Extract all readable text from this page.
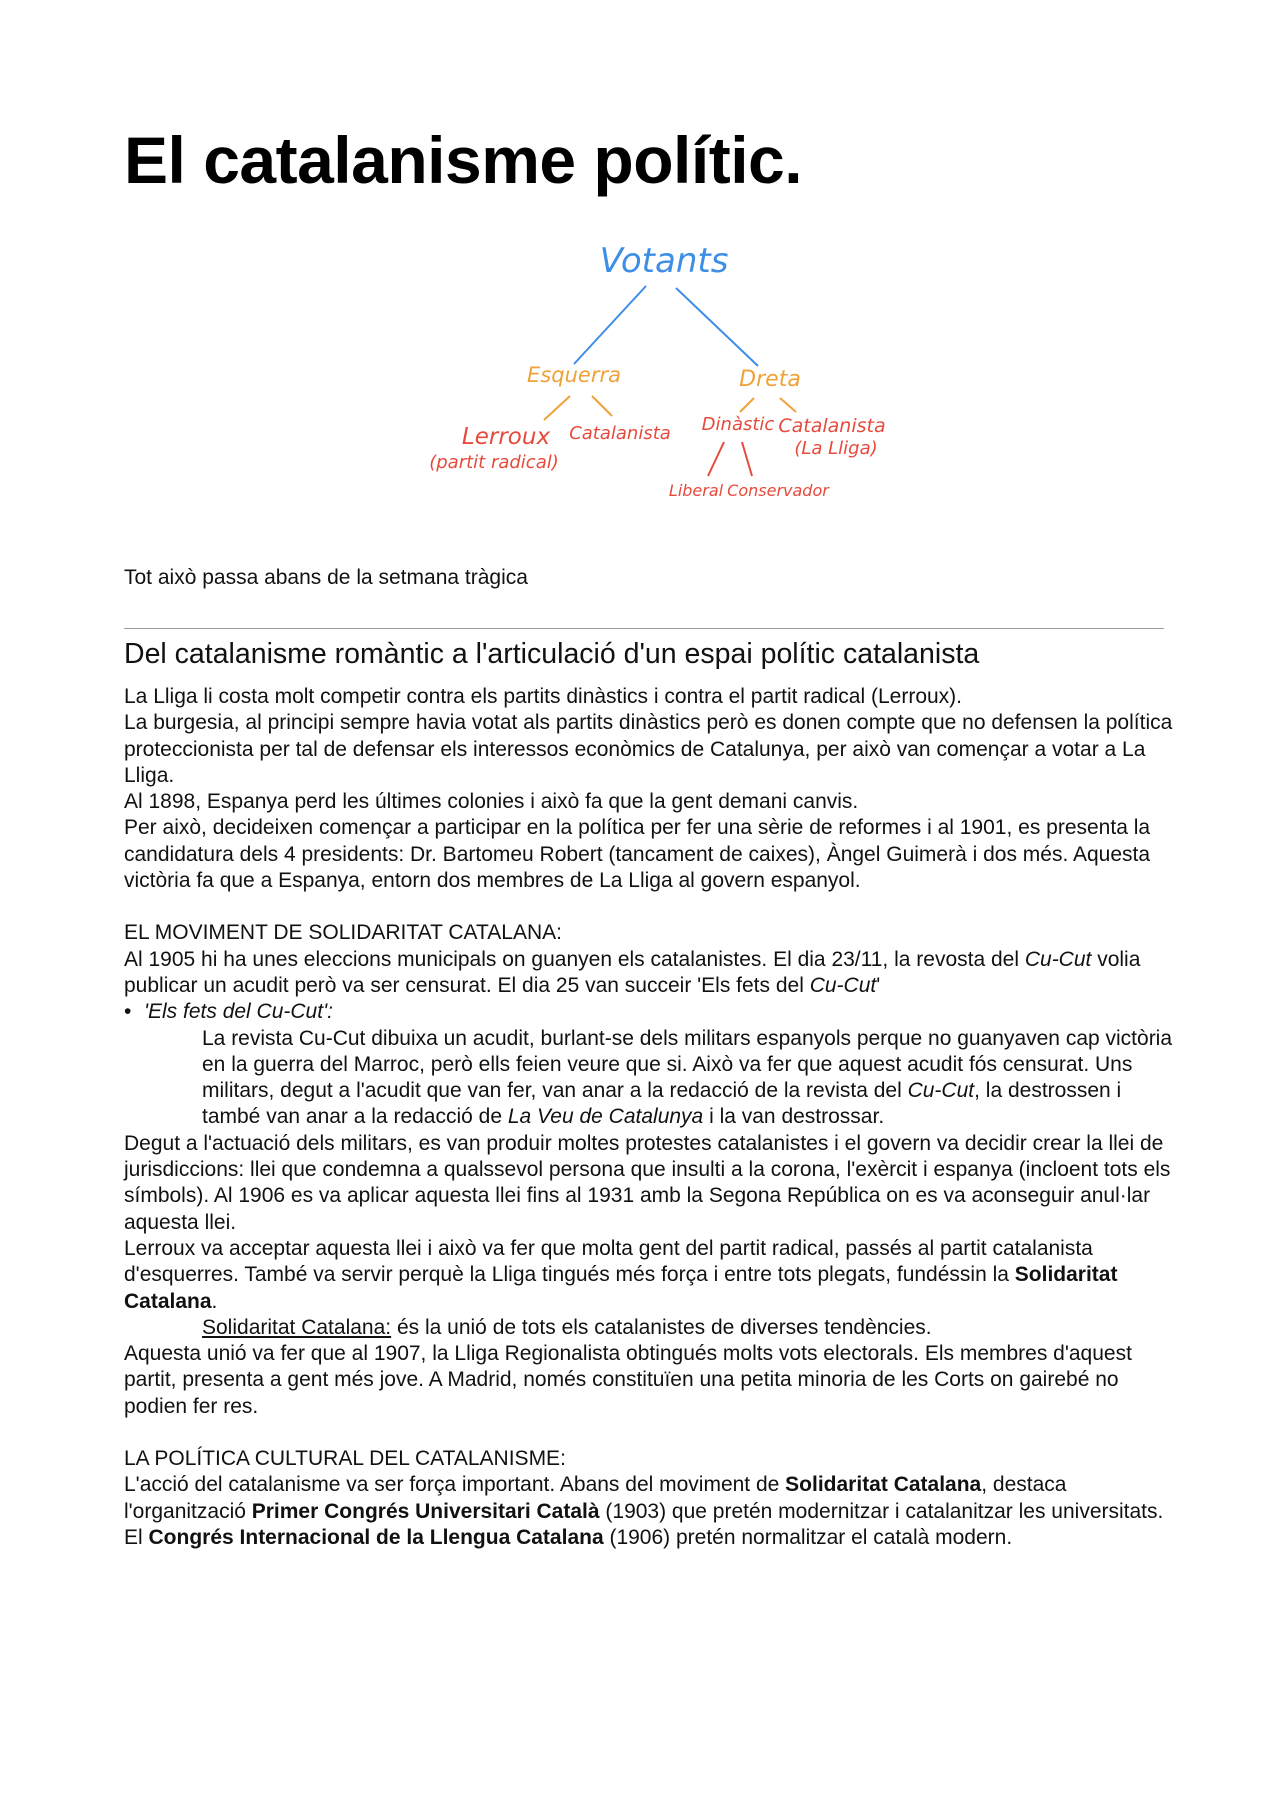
El catalanisme polític.
Votants
Esquerra	Dreta
Lerroux Catalanista
(partit radical)
Dinàstic Catalanista
(La Lliga)
Liberal Conservador

Tot això passa abans de la setmana tràgica

Del catalanisme romàntic a l'articulació d'un espai polític catalanista

La Lliga li costa molt competir contra els partits dinàstics i contra el partit radical (Lerroux).

La burgesia, al principi sempre havia votat als partits dinàstics però es donen compte que no defensen la política proteccionista per tal de defensar els interessos econòmics de Catalunya, per això van començar a votar a La Lliga.

Al 1898, Espanya perd les últimes colonies i això fa que la gent demani canvis.

Per això, decideixen començar a participar en la política per fer una sèrie de reformes i al 1901, es presenta la candidatura dels 4 presidents: Dr. Bartomeu Robert (tancament de caixes), Àngel Guimerà i dos més. Aquesta victòria fa que a Espanya, entorn dos membres de La Lliga al govern espanyol.

EL MOVIMENT DE SOLIDARITAT CATALANA:

Al 1905 hi ha unes eleccions municipals on guanyen els catalanistes. El dia 23/11, la revosta del Cu-Cut volia publicar un acudit però va ser censurat. El dia 25 van succeir 'Els fets del Cu-Cut'

• 'Els fets del Cu-Cut':

La revista Cu-Cut dibuixa un acudit, burlant-se dels militars espanyols perque no guanyaven cap victòria en la guerra del Marroc, però ells feien veure que si. Això va fer que aquest acudit fós censurat. Uns militars, degut a l'acudit que van fer, van anar a la redacció de la revista del Cu-Cut, la destrossen i també van anar a la redacció de La Veu de Catalunya i la van destrossar.

Degut a l'actuació dels militars, es van produir moltes protestes catalanistes i el govern va decidir crear la llei de jurisdiccions: llei que condemna a qualssevol persona que insulti a la corona, l'exèrcit i espanya (incloent tots els símbols). Al 1906 es va aplicar aquesta llei fins al 1931 amb la Segona República on es va aconseguir anul·lar aquesta llei.

Lerroux va acceptar aquesta llei i això va fer que molta gent del partit radical, passés al partit catalanista d'esquerres. També va servir perquè la Lliga tingués més força i entre tots plegats, fundéssin la Solidaritat Catalana.

Solidaritat Catalana: és la unió de tots els catalanistes de diverses tendències.

Aquesta unió va fer que al 1907, la Lliga Regionalista obtingués molts vots electorals. Els membres d'aquest partit, presenta a gent més jove. A Madrid, només constituïen una petita minoria de les Corts on gairebé no podien fer res.

LA POLÍTICA CULTURAL DEL CATALANISME:

L'acció del catalanisme va ser força important. Abans del moviment de Solidaritat Catalana, destaca l'organització Primer Congrés Universitari Català (1903) que pretén modernitzar i catalanitzar les universitats. El Congrés Internacional de la Llengua Catalana (1906) pretén normalitzar el català modern.
